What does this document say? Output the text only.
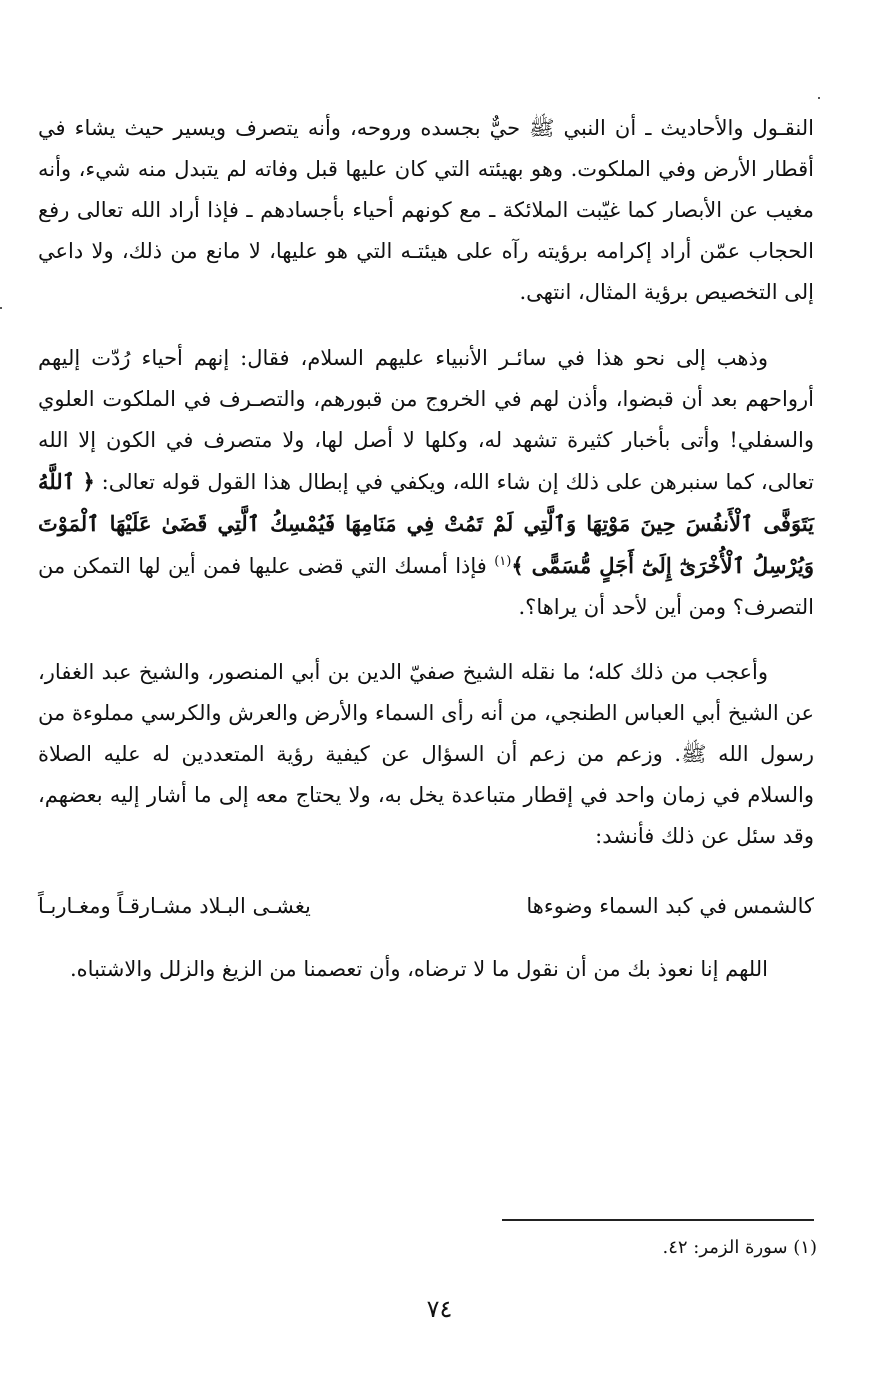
النقـول والأحاديث ـ أن النبي ﷺ حيٌّ بجسده وروحه، وأنه يتصرف ويسير حيث يشاء في أقطار الأرض وفي الملكوت. وهو بهيئته التي كان عليها قبل وفاته لم يتبدل منه شيء، وأنه مغيب عن الأبصار كما غيّبت الملائكة ـ مع كونهم أحياء بأجسادهم ـ فإذا أراد الله تعالى رفع الحجاب عمّن أراد إكرامه برؤيته رآه على هيئتـه التي هو عليها، لا مانع من ذلك، ولا داعي إلى التخصيص برؤية المثال، انتهى.

وذهب إلى نحو هذا في سائـر الأنبياء عليهم السلام، فقال: إنهم أحياء رُدّت إليهم أرواحهم بعد أن قبضوا، وأذن لهم في الخروج من قبورهم، والتصـرف في الملكوت العلوي والسفلي! وأتى بأخبار كثيرة تشهد له، وكلها لا أصل لها، ولا متصرف في الكون إلا الله تعالى، كما سنبرهن على ذلك إن شاء الله، ويكفي في إبطال هذا القول قوله تعالى: ﴿ ٱللَّهُ يَتَوَفَّى ٱلْأَنفُسَ حِينَ مَوْتِهَا وَٱلَّتِي لَمْ تَمُتْ فِي مَنَامِهَا فَيُمْسِكُ ٱلَّتِي قَضَىٰ عَلَيْهَا ٱلْمَوْتَ وَيُرْسِلُ ٱلْأُخْرَىٰٓ إِلَىٰٓ أَجَلٍ مُّسَمًّى ﴾$^{(١)}$ فإذا أمسك التي قضى عليها فمن أين لها التمكن من التصرف؟ ومن أين لأحد أن يراها؟.

وأعجب من ذلك كله؛ ما نقله الشيخ صفيّ الدين بن أبي المنصور، والشيخ عبد الغفار، عن الشيخ أبي العباس الطنجي، من أنه رأى السماء والأرض والعرش والكرسي مملوءة من رسول الله ﷺ. وزعم من زعم أن السؤال عن كيفية رؤية المتعددين له عليه الصلاة والسلام في زمان واحد في إقطار متباعدة يخل به، ولا يحتاج معه إلى ما أشار إليه بعضهم، وقد سئل عن ذلك فأنشد:

كالشمس في كبد السماء وضوءها
يغشـى البـلاد مشـارقـاً ومغـاربـاً

اللهم إنا نعوذ بك من أن نقول ما لا ترضاه، وأن تعصمنا من الزيغ والزلل والاشتباه.

(١) سورة الزمر: ٤٢.
٧٤
